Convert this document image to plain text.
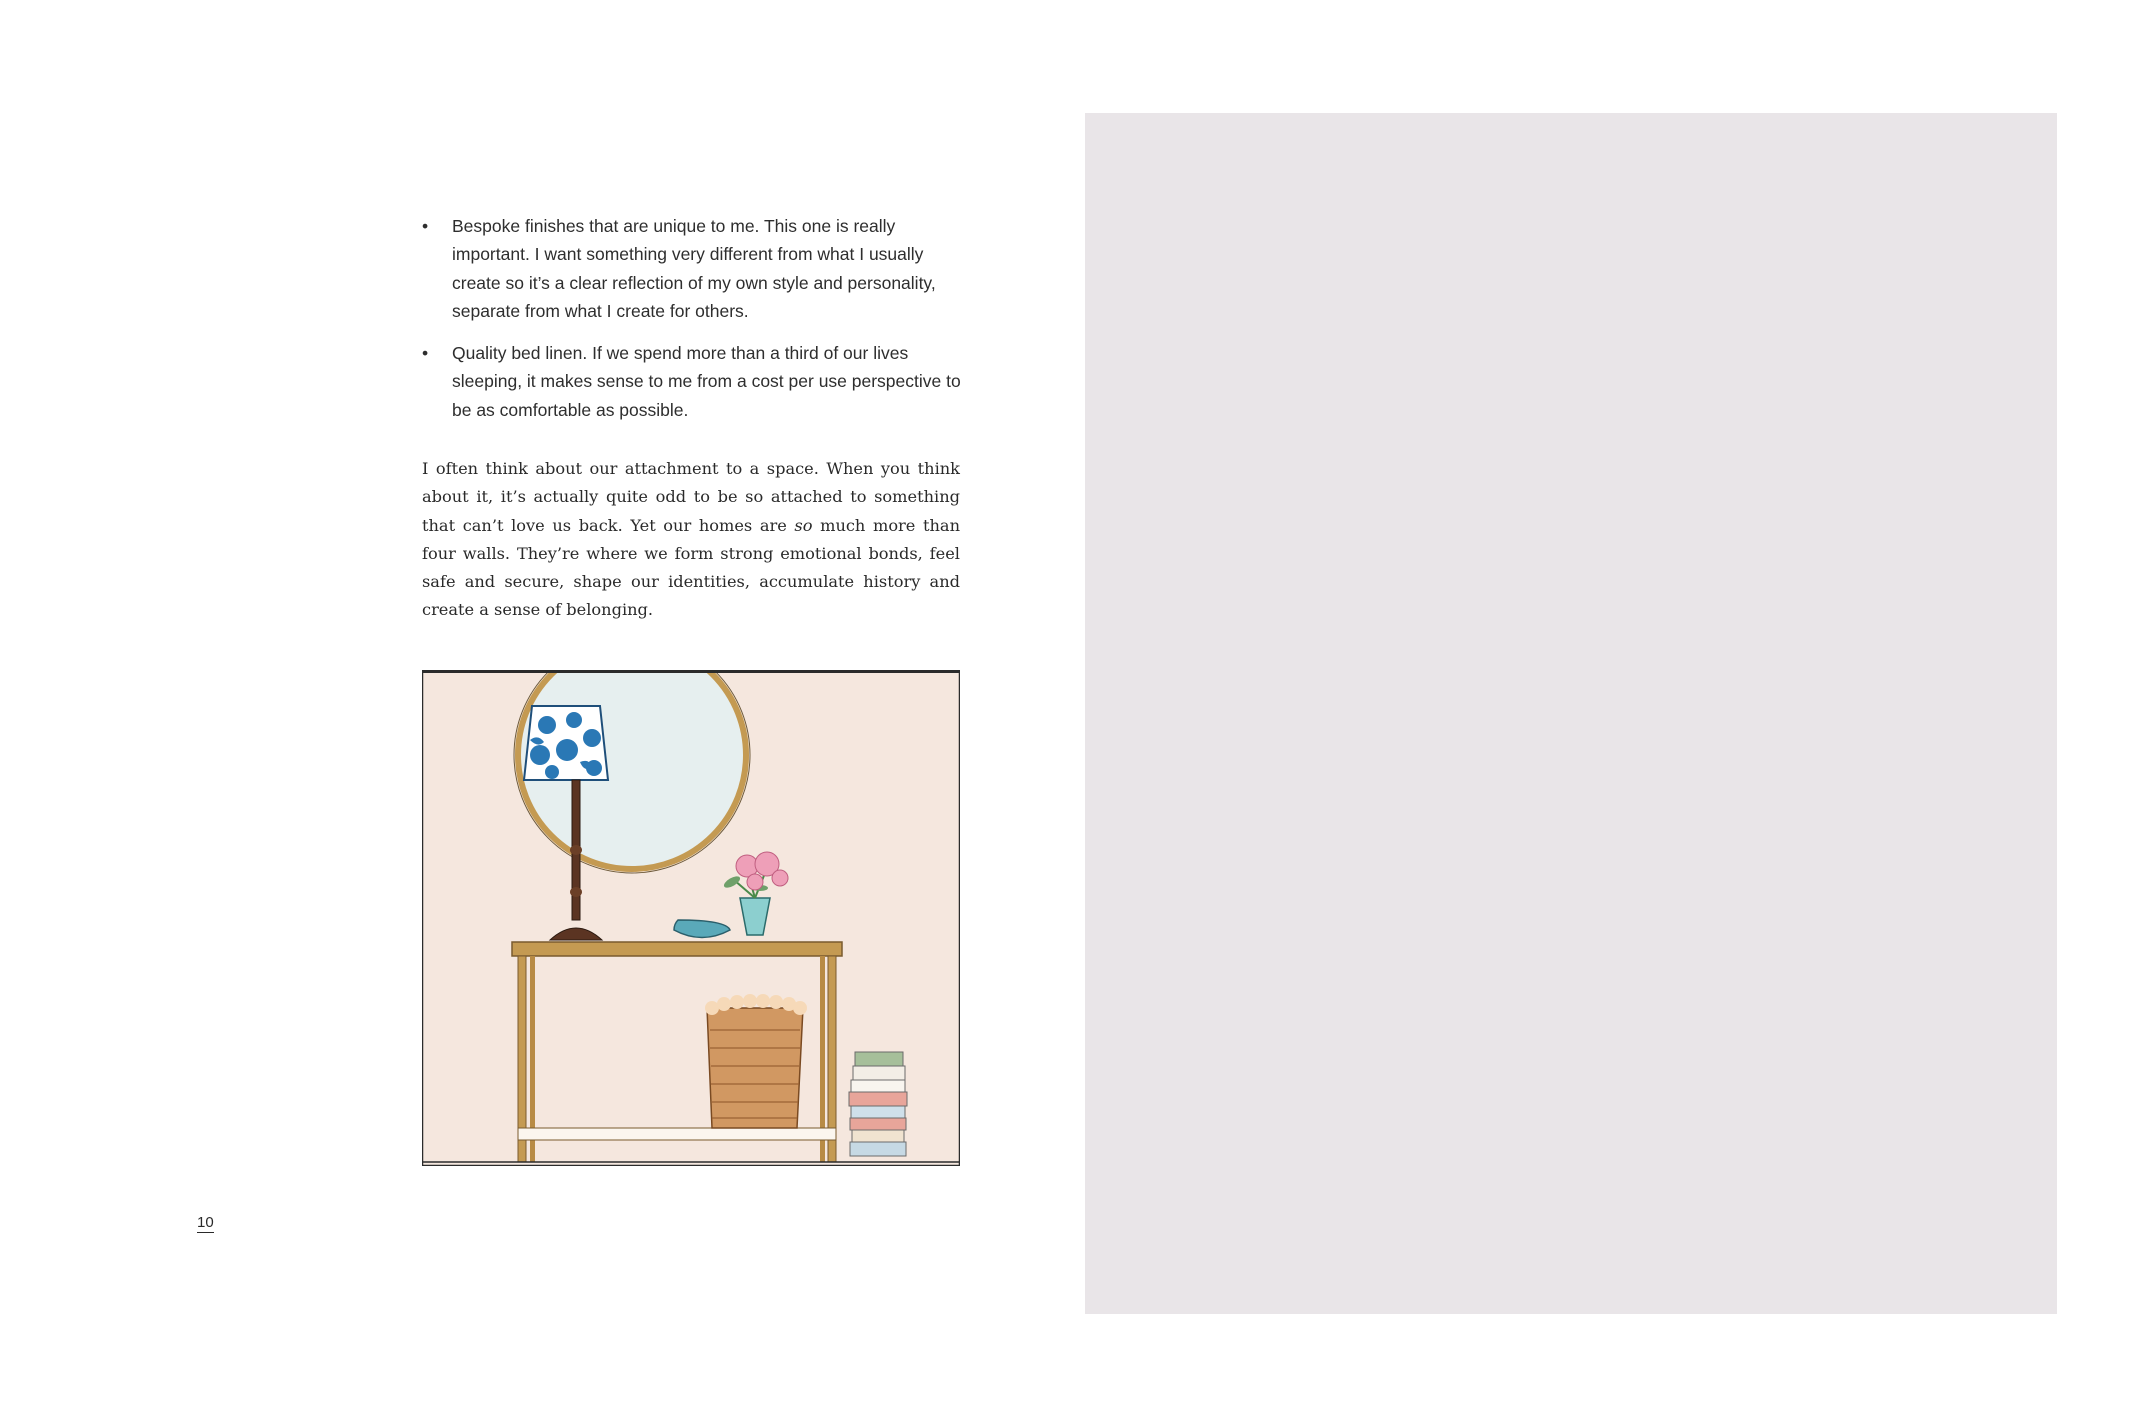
• Bespoke finishes that are unique to me. This one is really important. I want something very different from what I usually create so it’s a clear reflection of my own style and personality, separate from what I create for others.
• Quality bed linen. If we spend more than a third of our lives sleeping, it makes sense to me from a cost per use perspective to be as comfortable as possible.

I often think about our attachment to a space. When you think about it, it’s actually quite odd to be so attached to something that can’t love us back. Yet our homes are so much more than four walls. They’re where we form strong emotional bonds, feel safe and secure, shape our identities, accumulate history and create a sense of belonging.

10
